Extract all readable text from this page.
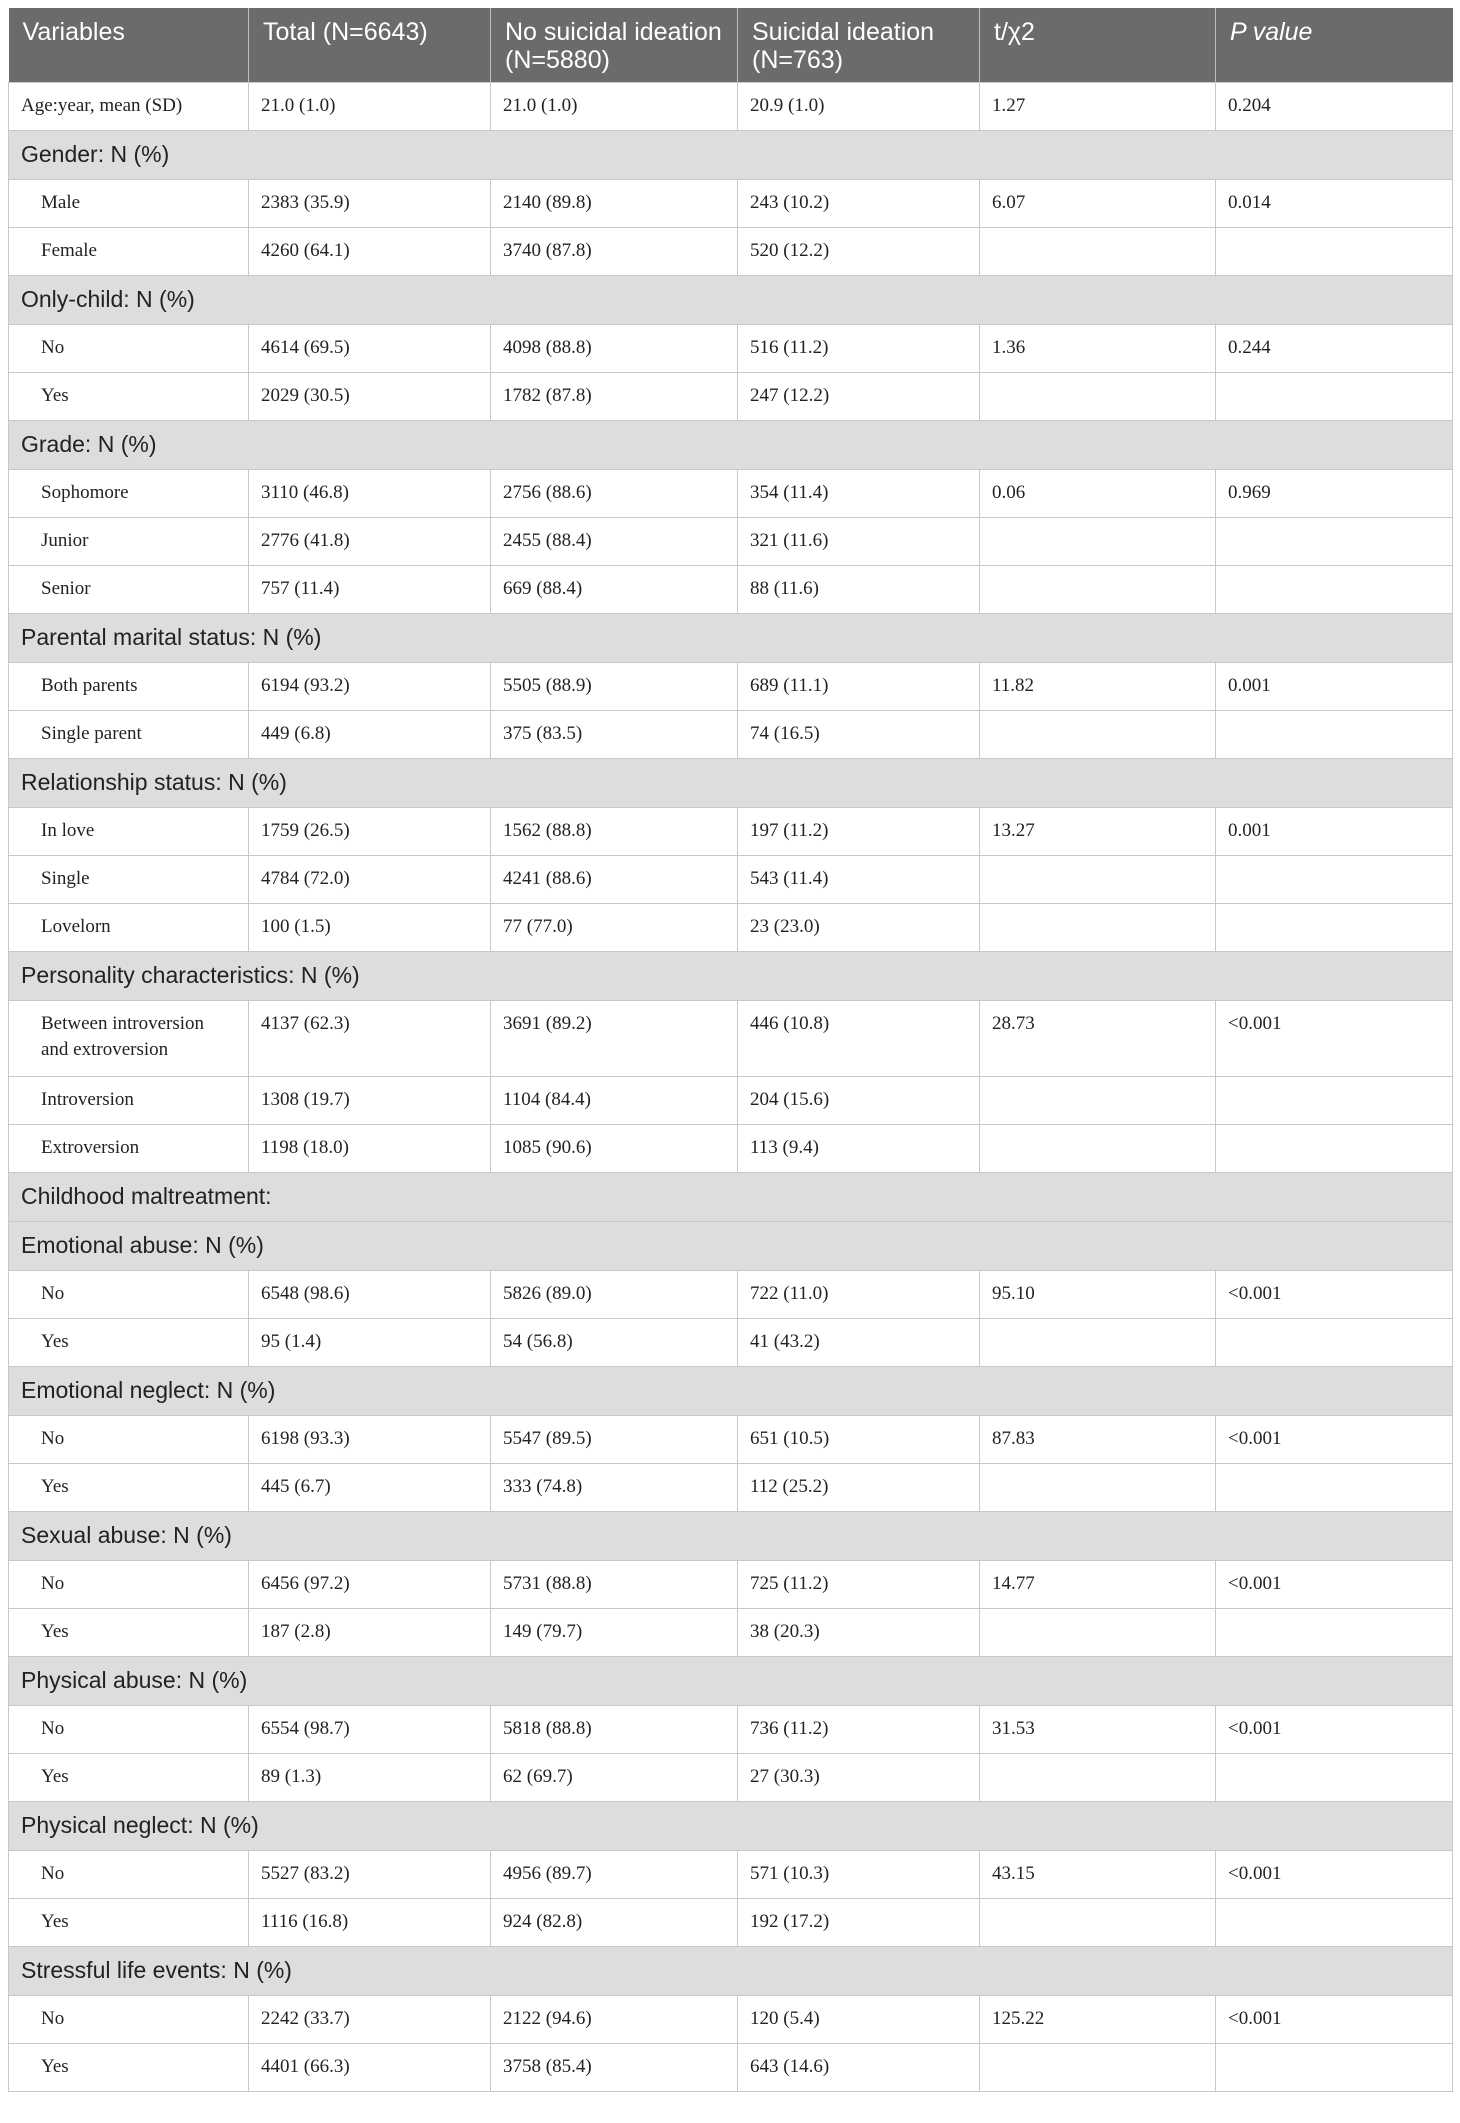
Variables	Total (N=6643)	No suicidal ideation (N=5880)	Suicidal ideation (N=763)	t/χ2	P value
Age:year, mean (SD)	21.0 (1.0)	21.0 (1.0)	20.9 (1.0)	1.27	0.204
Gender: N (%)					
Male	2383 (35.9)	2140 (89.8)	243 (10.2)	6.07	0.014
Female	4260 (64.1)	3740 (87.8)	520 (12.2)		
Only-child: N (%)					
No	4614 (69.5)	4098 (88.8)	516 (11.2)	1.36	0.244
Yes	2029 (30.5)	1782 (87.8)	247 (12.2)		
Grade: N (%)					
Sophomore	3110 (46.8)	2756 (88.6)	354 (11.4)	0.06	0.969
Junior	2776 (41.8)	2455 (88.4)	321 (11.6)		
Senior	757 (11.4)	669 (88.4)	88 (11.6)		
Parental marital status: N (%)					
Both parents	6194 (93.2)	5505 (88.9)	689 (11.1)	11.82	0.001
Single parent	449 (6.8)	375 (83.5)	74 (16.5)		
Relationship status: N (%)					
In love	1759 (26.5)	1562 (88.8)	197 (11.2)	13.27	0.001
Single	4784 (72.0)	4241 (88.6)	543 (11.4)		
Lovelorn	100 (1.5)	77 (77.0)	23 (23.0)		
Personality characteristics: N (%)					
Between introversion and extroversion	4137 (62.3)	3691 (89.2)	446 (10.8)	28.73	<0.001
Introversion	1308 (19.7)	1104 (84.4)	204 (15.6)		
Extroversion	1198 (18.0)	1085 (90.6)	113 (9.4)		
Childhood maltreatment:					
Emotional abuse: N (%)					
No	6548 (98.6)	5826 (89.0)	722 (11.0)	95.10	<0.001
Yes	95 (1.4)	54 (56.8)	41 (43.2)		
Emotional neglect: N (%)					
No	6198 (93.3)	5547 (89.5)	651 (10.5)	87.83	<0.001
Yes	445 (6.7)	333 (74.8)	112 (25.2)		
Sexual abuse: N (%)					
No	6456 (97.2)	5731 (88.8)	725 (11.2)	14.77	<0.001
Yes	187 (2.8)	149 (79.7)	38 (20.3)		
Physical abuse: N (%)					
No	6554 (98.7)	5818 (88.8)	736 (11.2)	31.53	<0.001
Yes	89 (1.3)	62 (69.7)	27 (30.3)		
Physical neglect: N (%)					
No	5527 (83.2)	4956 (89.7)	571 (10.3)	43.15	<0.001
Yes	1116 (16.8)	924 (82.8)	192 (17.2)		
Stressful life events: N (%)					
No	2242 (33.7)	2122 (94.6)	120 (5.4)	125.22	<0.001
Yes	4401 (66.3)	3758 (85.4)	643 (14.6)		
